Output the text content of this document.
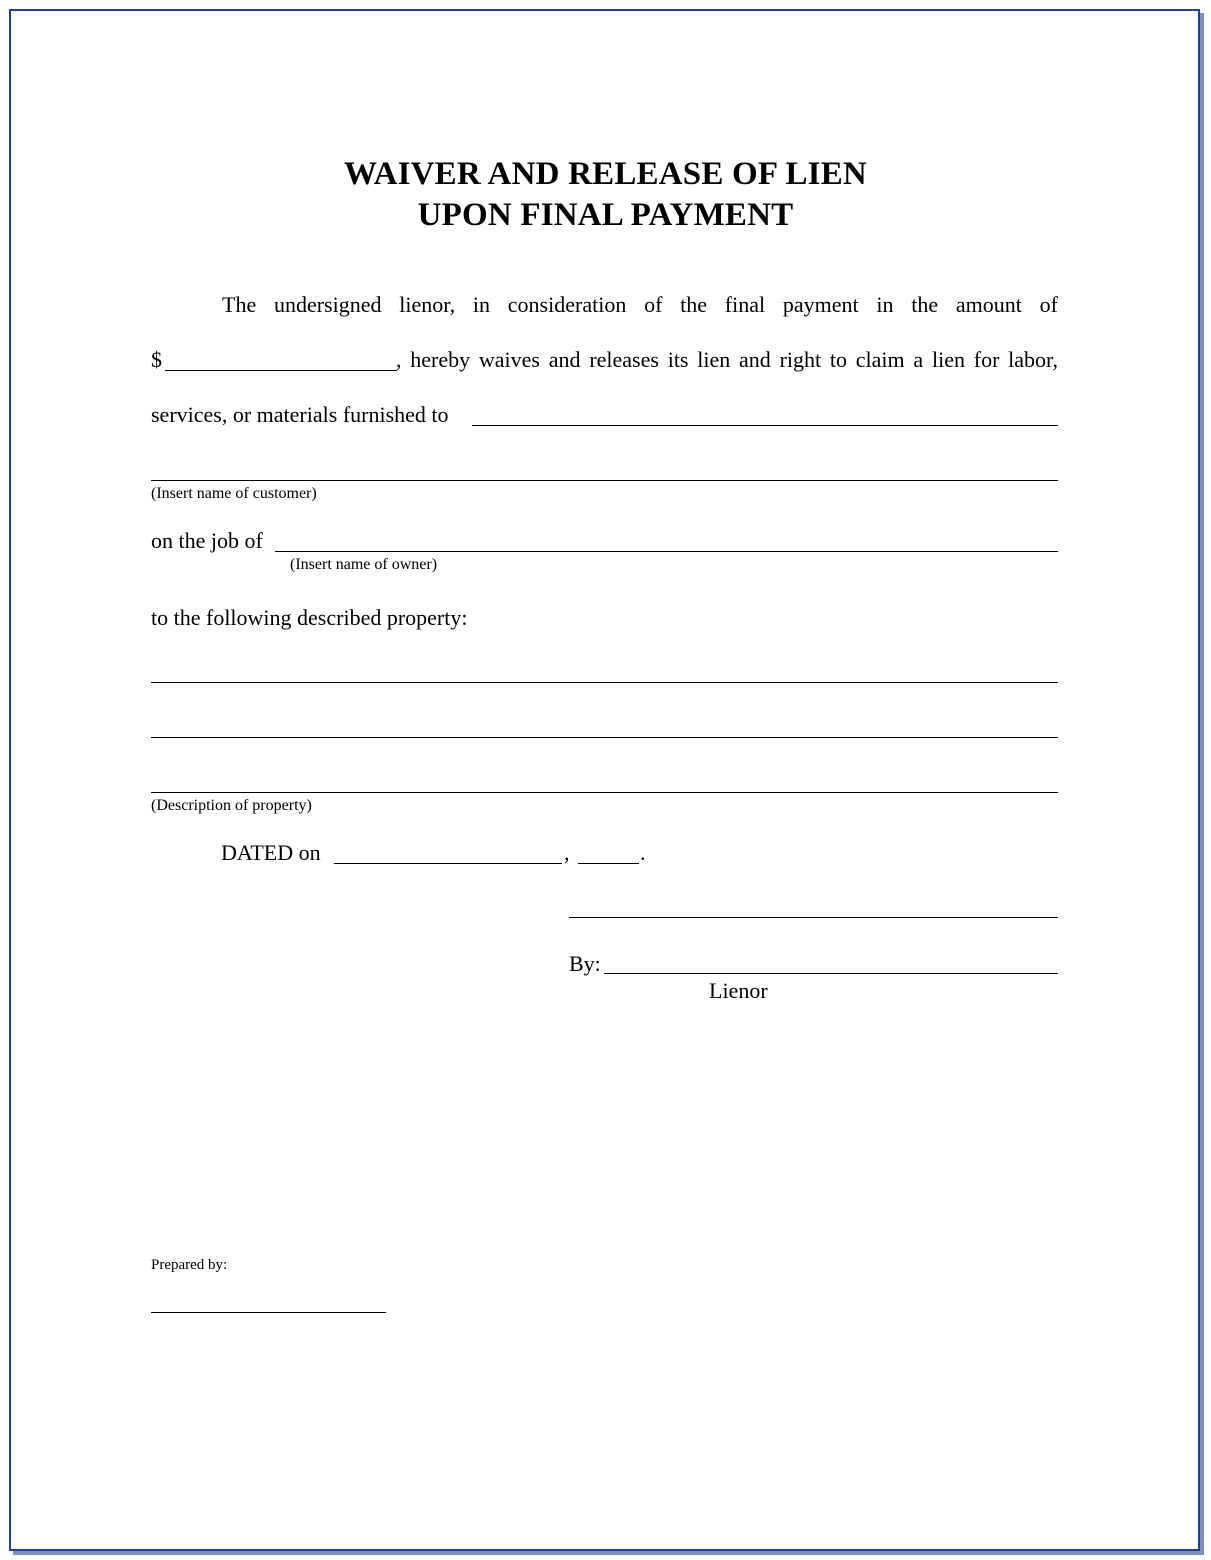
WAIVER AND RELEASE OF LIEN
UPON FINAL PAYMENT
The undersigned lienor, in consideration of the final payment in the amount of
$	, hereby waives and releases its lien and right to claim a lien for labor,
services, or materials furnished to
(Insert name of customer)
on the job of
(Insert name of owner)
to the following described property:
(Description of property)
DATED on	,	.
By:
Lienor
Prepared by:
